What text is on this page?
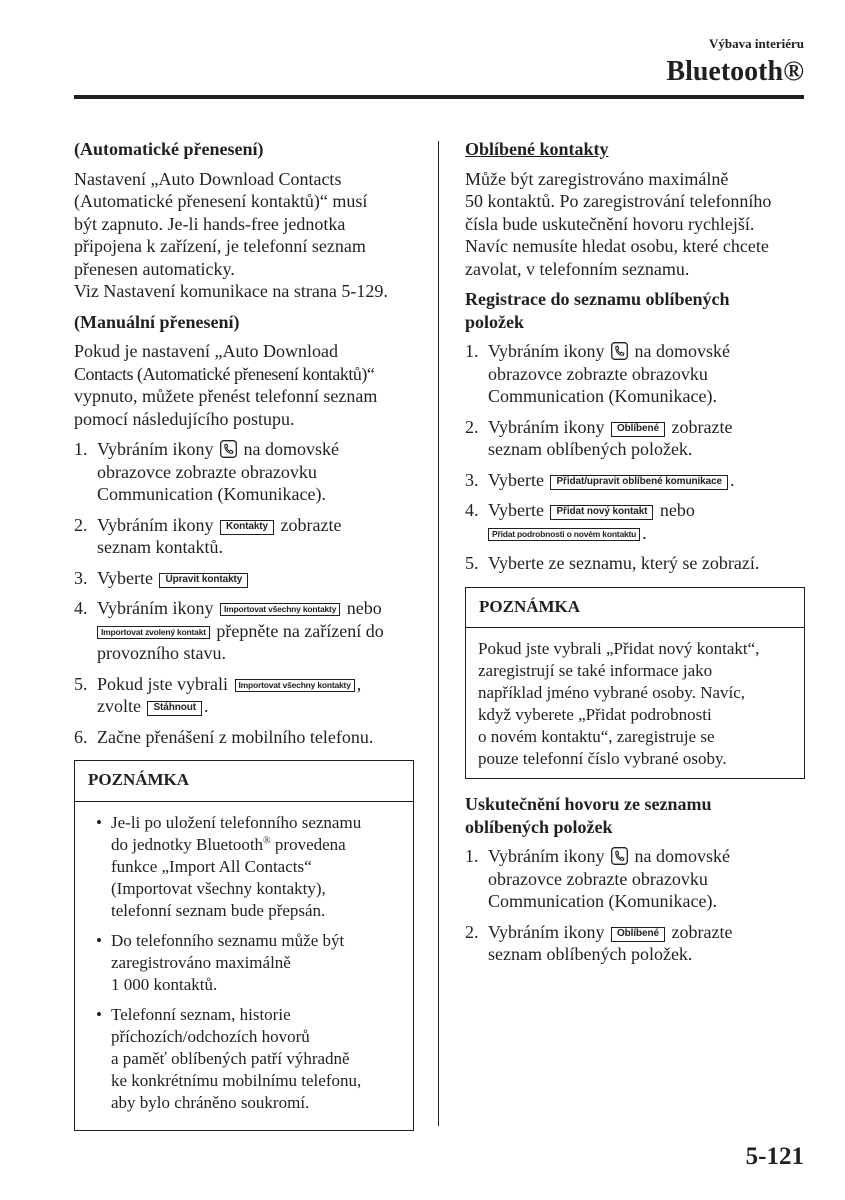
Výbava interiéru
Bluetooth®
(Automatické přenesení)

Nastavení „Auto Download Contacts
(Automatické přenesení kontaktů)“ musí
být zapnuto. Je-li hands-free jednotka
připojena k zařízení, je telefonní seznam
přenesen automaticky.
Viz Nastavení komunikace na strana 5-129.

(Manuální přenesení)

Pokud je nastavení „Auto Download
Contacts (Automatické přenesení kontaktů)“
vypnuto, můžete přenést telefonní seznam
pomocí následujícího postupu.

1. Vybráním ikony na domovské
obrazovce zobrazte obrazovku
Communication (Komunikace).
2. Vybráním ikony Kontakty zobrazte
seznam kontaktů.
3. Vyberte Upravit kontakty
4. Vybráním ikony Importovat všechny kontakty nebo
Importovat zvolený kontakt přepněte na zařízení do
provozního stavu.
5. Pokud jste vybrali Importovat všechny kontakty ,
zvolte Stáhnout .
6. Začne přenášení z mobilního telefonu.
POZNÁMKA
• Je-li po uložení telefonního seznamu
do jednotky Bluetooth® provedena
funkce „Import All Contacts“
(Importovat všechny kontakty),
telefonní seznam bude přepsán.
• Do telefonního seznamu může být
zaregistrováno maximálně
1 000 kontaktů.
• Telefonní seznam, historie
příchozích/odchozích hovorů
a paměť oblíbených patří výhradně
ke konkrétnímu mobilnímu telefonu,
aby bylo chráněno soukromí.
Oblíbené kontakty

Může být zaregistrováno maximálně
50 kontaktů. Po zaregistrování telefonního
čísla bude uskutečnění hovoru rychlejší.
Navíc nemusíte hledat osobu, které chcete
zavolat, v telefonním seznamu.

Registrace do seznamu oblíbených
položek
1. Vybráním ikony na domovské
obrazovce zobrazte obrazovku
Communication (Komunikace).
2. Vybráním ikony Oblíbené zobrazte
seznam oblíbených položek.
3. Vyberte Přidat/upravit oblíbené komunikace .
4. Vyberte Přidat nový kontakt nebo
Přidat podrobnosti o novém kontaktu .
5. Vyberte ze seznamu, který se zobrazí.
POZNÁMKA
Pokud jste vybrali „Přidat nový kontakt“,
zaregistrují se také informace jako
například jméno vybrané osoby. Navíc,
když vyberete „Přidat podrobnosti
o novém kontaktu“, zaregistruje se
pouze telefonní číslo vybrané osoby.
Uskutečnění hovoru ze seznamu
oblíbených položek
1. Vybráním ikony na domovské
obrazovce zobrazte obrazovku
Communication (Komunikace).
2. Vybráním ikony Oblíbené zobrazte
seznam oblíbených položek.
5-121
